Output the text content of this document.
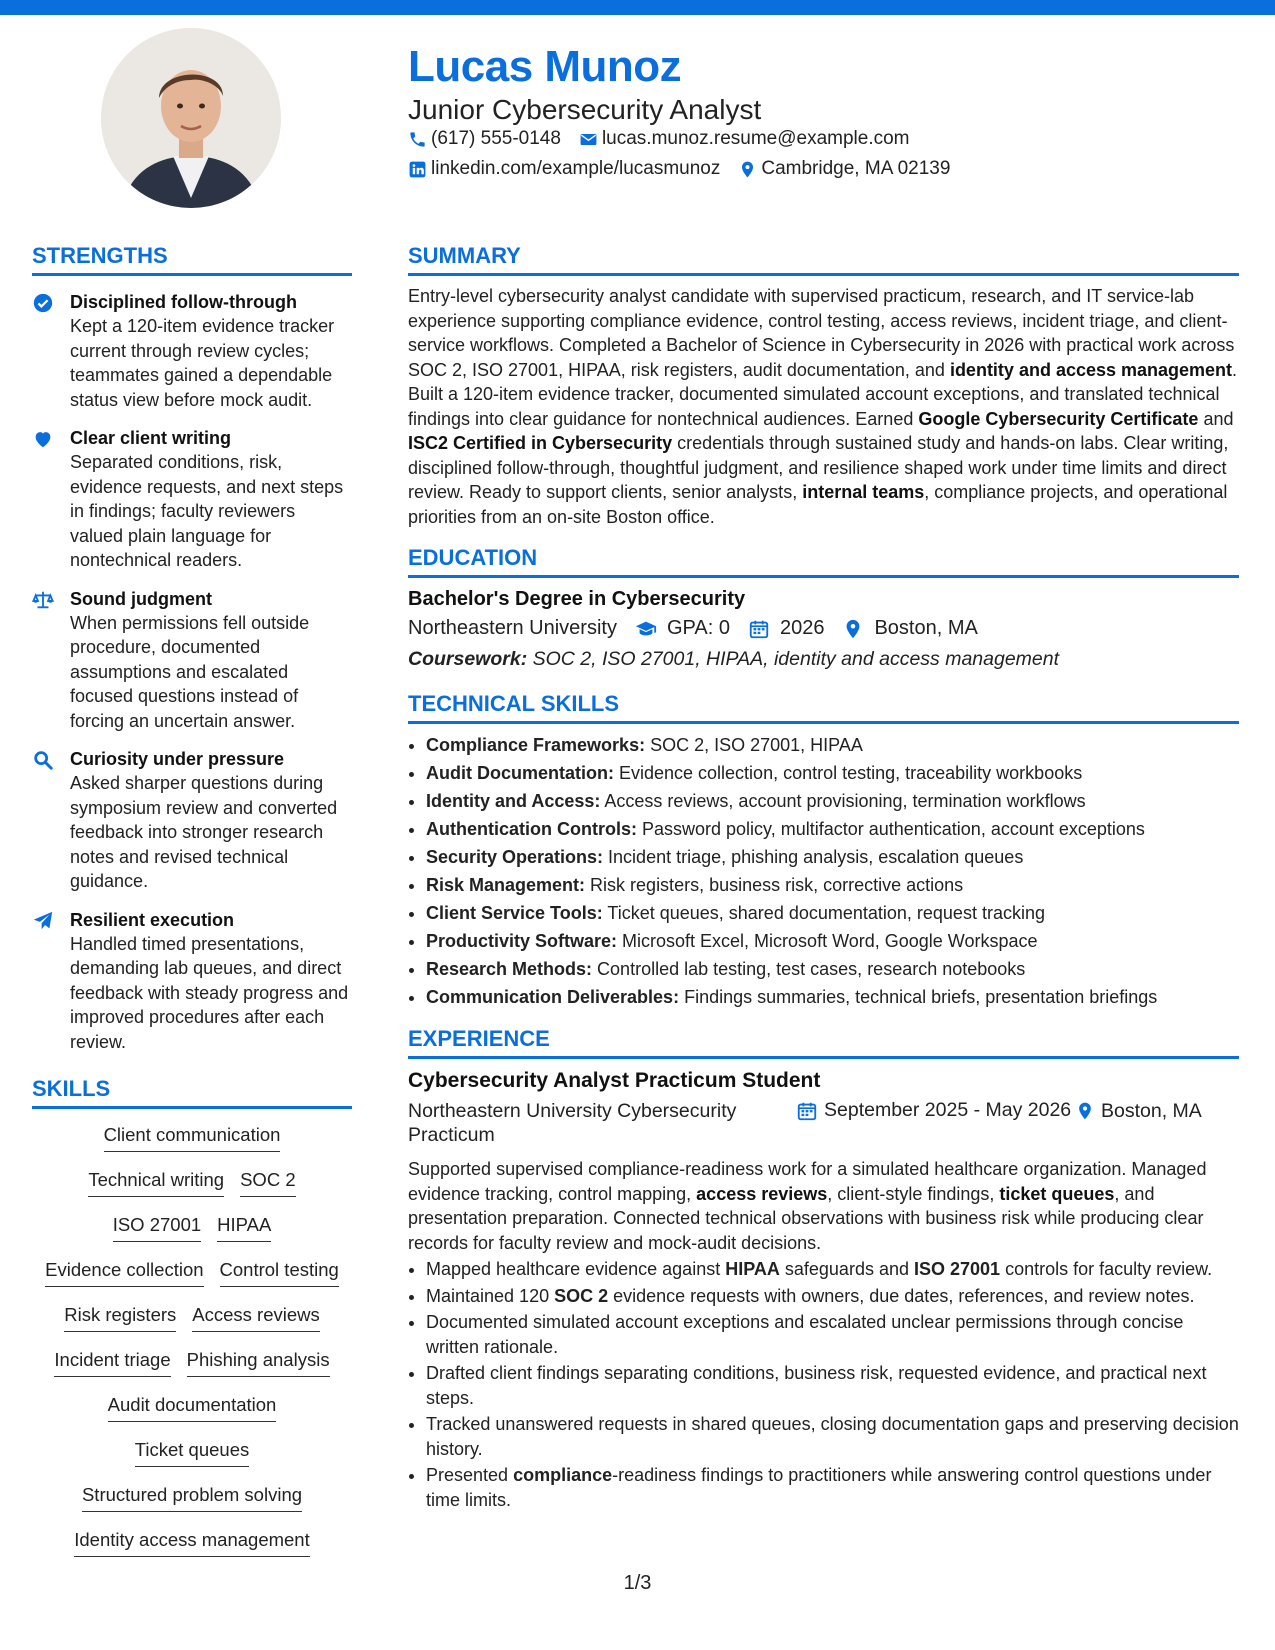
Lucas Munoz
Junior Cybersecurity Analyst
(617) 555-0148 lucas.munoz.resume@example.com
linkedin.com/example/lucasmunoz Cambridge, MA 02139
STRENGTHS
Disciplined follow-through
Kept a 120-item evidence tracker current through review cycles; teammates gained a dependable status view before mock audit.
Clear client writing
Separated conditions, risk, evidence requests, and next steps in findings; faculty reviewers valued plain language for nontechnical readers.
Sound judgment
When permissions fell outside procedure, documented assumptions and escalated focused questions instead of forcing an uncertain answer.
Curiosity under pressure
Asked sharper questions during symposium review and converted feedback into stronger research notes and revised technical guidance.
Resilient execution
Handled timed presentations, demanding lab queues, and direct feedback with steady progress and improved procedures after each review.
SKILLS
Client communication
Technical writing SOC 2
ISO 27001 HIPAA
Evidence collection Control testing
Risk registers Access reviews
Incident triage Phishing analysis
Audit documentation
Ticket queues
Structured problem solving
Identity access management
SUMMARY
Entry-level cybersecurity analyst candidate with supervised practicum, research, and IT service-lab experience supporting compliance evidence, control testing, access reviews, incident triage, and client-service workflows. Completed a Bachelor of Science in Cybersecurity in 2026 with practical work across SOC 2, ISO 27001, HIPAA, risk registers, audit documentation, and identity and access management. Built a 120-item evidence tracker, documented simulated account exceptions, and translated technical findings into clear guidance for nontechnical audiences. Earned Google Cybersecurity Certificate and ISC2 Certified in Cybersecurity credentials through sustained study and hands-on labs. Clear writing, disciplined follow-through, thoughtful judgment, and resilience shaped work under time limits and direct review. Ready to support clients, senior analysts, internal teams, compliance projects, and operational priorities from an on-site Boston office.
EDUCATION
Bachelor's Degree in Cybersecurity
Northeastern University	GPA: 0	2026	Boston, MA
Coursework: SOC 2, ISO 27001, HIPAA, identity and access management
TECHNICAL SKILLS
• Compliance Frameworks: SOC 2, ISO 27001, HIPAA
• Audit Documentation: Evidence collection, control testing, traceability workbooks
• Identity and Access: Access reviews, account provisioning, termination workflows
• Authentication Controls: Password policy, multifactor authentication, account exceptions
• Security Operations: Incident triage, phishing analysis, escalation queues
• Risk Management: Risk registers, business risk, corrective actions
• Client Service Tools: Ticket queues, shared documentation, request tracking
• Productivity Software: Microsoft Excel, Microsoft Word, Google Workspace
• Research Methods: Controlled lab testing, test cases, research notebooks
• Communication Deliverables: Findings summaries, technical briefs, presentation briefings
EXPERIENCE
Cybersecurity Analyst Practicum Student
Northeastern University Cybersecurity Practicum
September 2025 - May 2026	Boston, MA
Supported supervised compliance-readiness work for a simulated healthcare organization. Managed evidence tracking, control mapping, access reviews, client-style findings, ticket queues, and presentation preparation. Connected technical observations with business risk while producing clear records for faculty review and mock-audit decisions.
• Mapped healthcare evidence against HIPAA safeguards and ISO 27001 controls for faculty review.
• Maintained 120 SOC 2 evidence requests with owners, due dates, references, and review notes.
• Documented simulated account exceptions and escalated unclear permissions through concise written rationale.
• Drafted client findings separating conditions, business risk, requested evidence, and practical next steps.
• Tracked unanswered requests in shared queues, closing documentation gaps and preserving decision history.
• Presented compliance-readiness findings to practitioners while answering control questions under time limits.
1/3
